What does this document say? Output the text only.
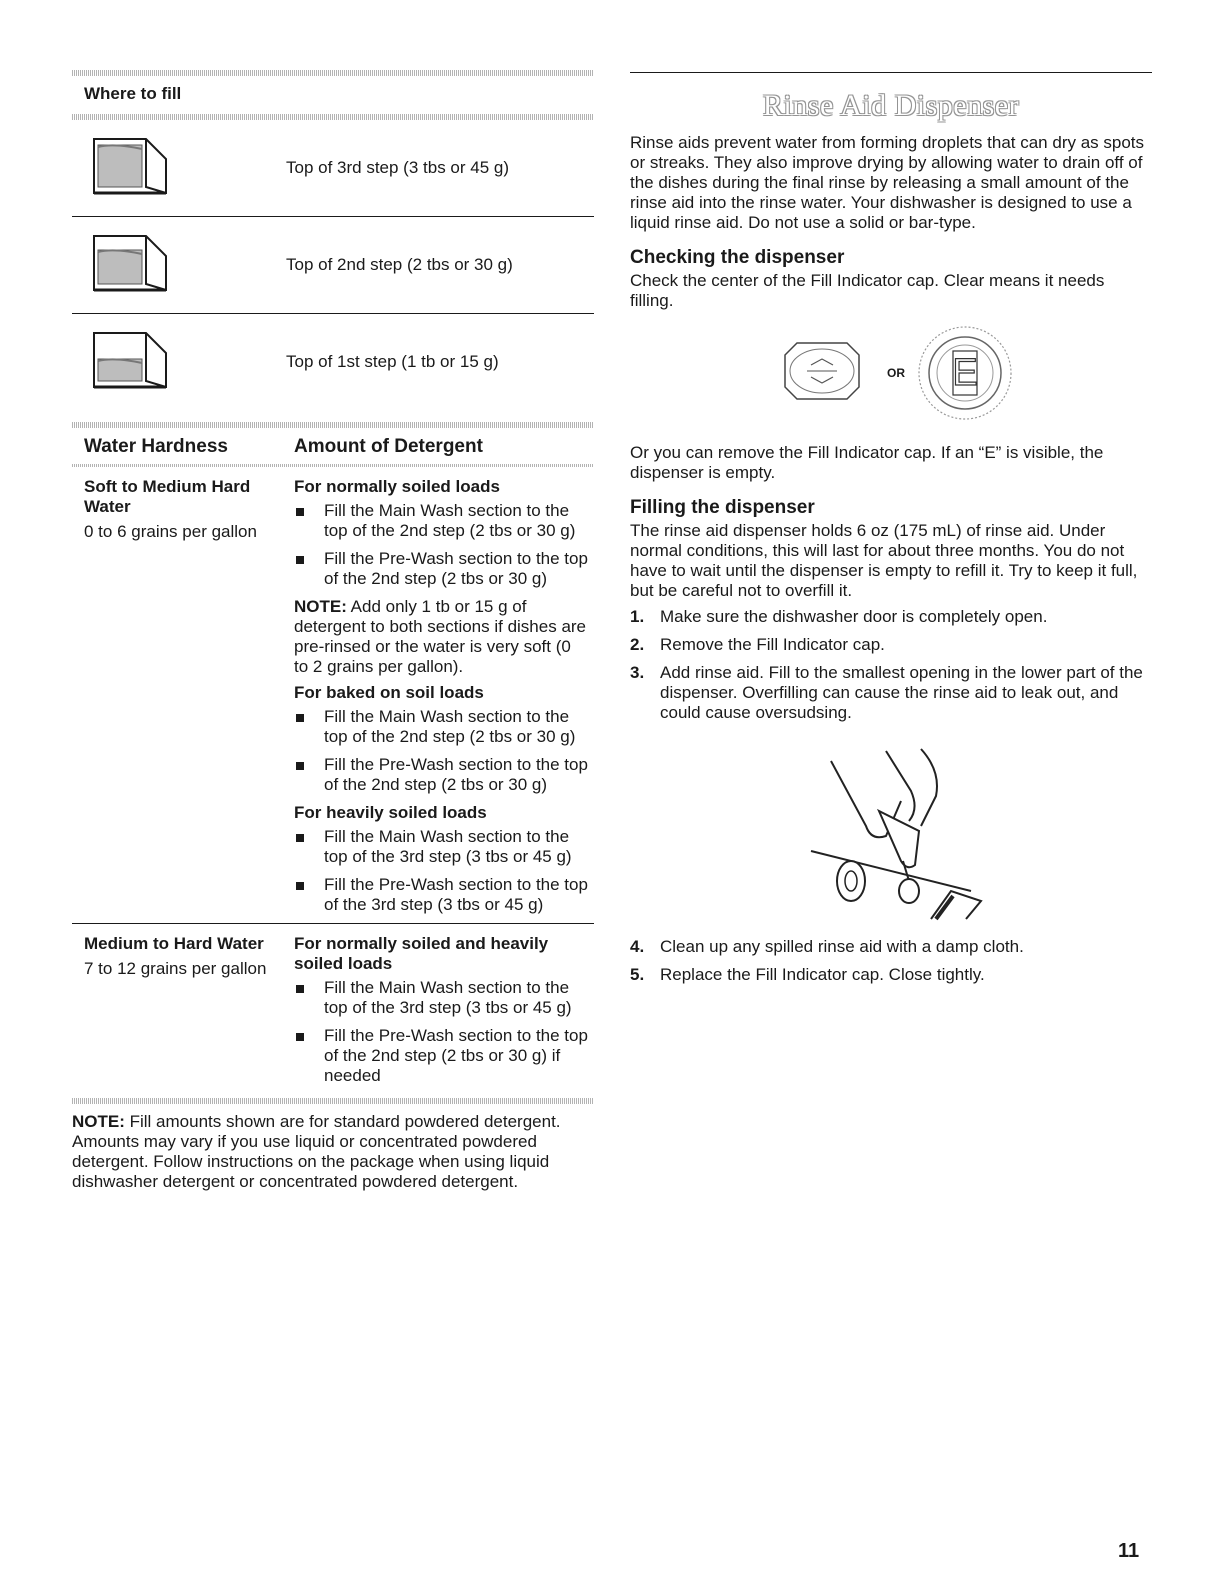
Where to fill
Top of 3rd step (3 tbs or 45 g)
Top of 2nd step (2 tbs or 30 g)
Top of 1st step (1 tb or 15 g)
Water Hardness	Amount of Detergent
Soft to Medium Hard Water
0 to 6 grains per gallon
For normally soiled loads
Fill the Main Wash section to the top of the 2nd step (2 tbs or 30 g)
Fill the Pre-Wash section to the top of the 2nd step (2 tbs or 30 g)

NOTE: Add only 1 tb or 15 g of detergent to both sections if dishes are pre-rinsed or the water is very soft (0 to 2 grains per gallon).

For baked on soil loads
Fill the Main Wash section to the top of the 2nd step (2 tbs or 30 g)
Fill the Pre-Wash section to the top of the 2nd step (2 tbs or 30 g)
For heavily soiled loads
Fill the Main Wash section to the top of the 3rd step (3 tbs or 45 g)
Fill the Pre-Wash section to the top of the 3rd step (3 tbs or 45 g)
Medium to Hard Water
7 to 12 grains per gallon
For normally soiled and heavily soiled loads
Fill the Main Wash section to the top of the 3rd step (3 tbs or 45 g)
Fill the Pre-Wash section to the top of the 2nd step (2 tbs or 30 g) if needed

NOTE: Fill amounts shown are for standard powdered detergent. Amounts may vary if you use liquid or concentrated powdered detergent. Follow instructions on the package when using liquid dishwasher detergent or concentrated powdered detergent.

Rinse Aid Dispenser

Rinse aids prevent water from forming droplets that can dry as spots or streaks. They also improve drying by allowing water to drain off of the dishes during the final rinse by releasing a small amount of the rinse aid into the rinse water. Your dishwasher is designed to use a liquid rinse aid. Do not use a solid or bar-type.

Checking the dispenser

Check the center of the Fill Indicator cap. Clear means it needs filling.

OR	E

Or you can remove the Fill Indicator cap. If an “E” is visible, the dispenser is empty.

Filling the dispenser

The rinse aid dispenser holds 6 oz (175 mL) of rinse aid. Under normal conditions, this will last for about three months. You do not have to wait until the dispenser is empty to refill it. Try to keep it full, but be careful not to overfill it.

1. Make sure the dishwasher door is completely open.
2. Remove the Fill Indicator cap.
3. Add rinse aid. Fill to the smallest opening in the lower part of the dispenser. Overfilling can cause the rinse aid to leak out, and could cause oversudsing.
4. Clean up any spilled rinse aid with a damp cloth.
5. Replace the Fill Indicator cap. Close tightly.
11
